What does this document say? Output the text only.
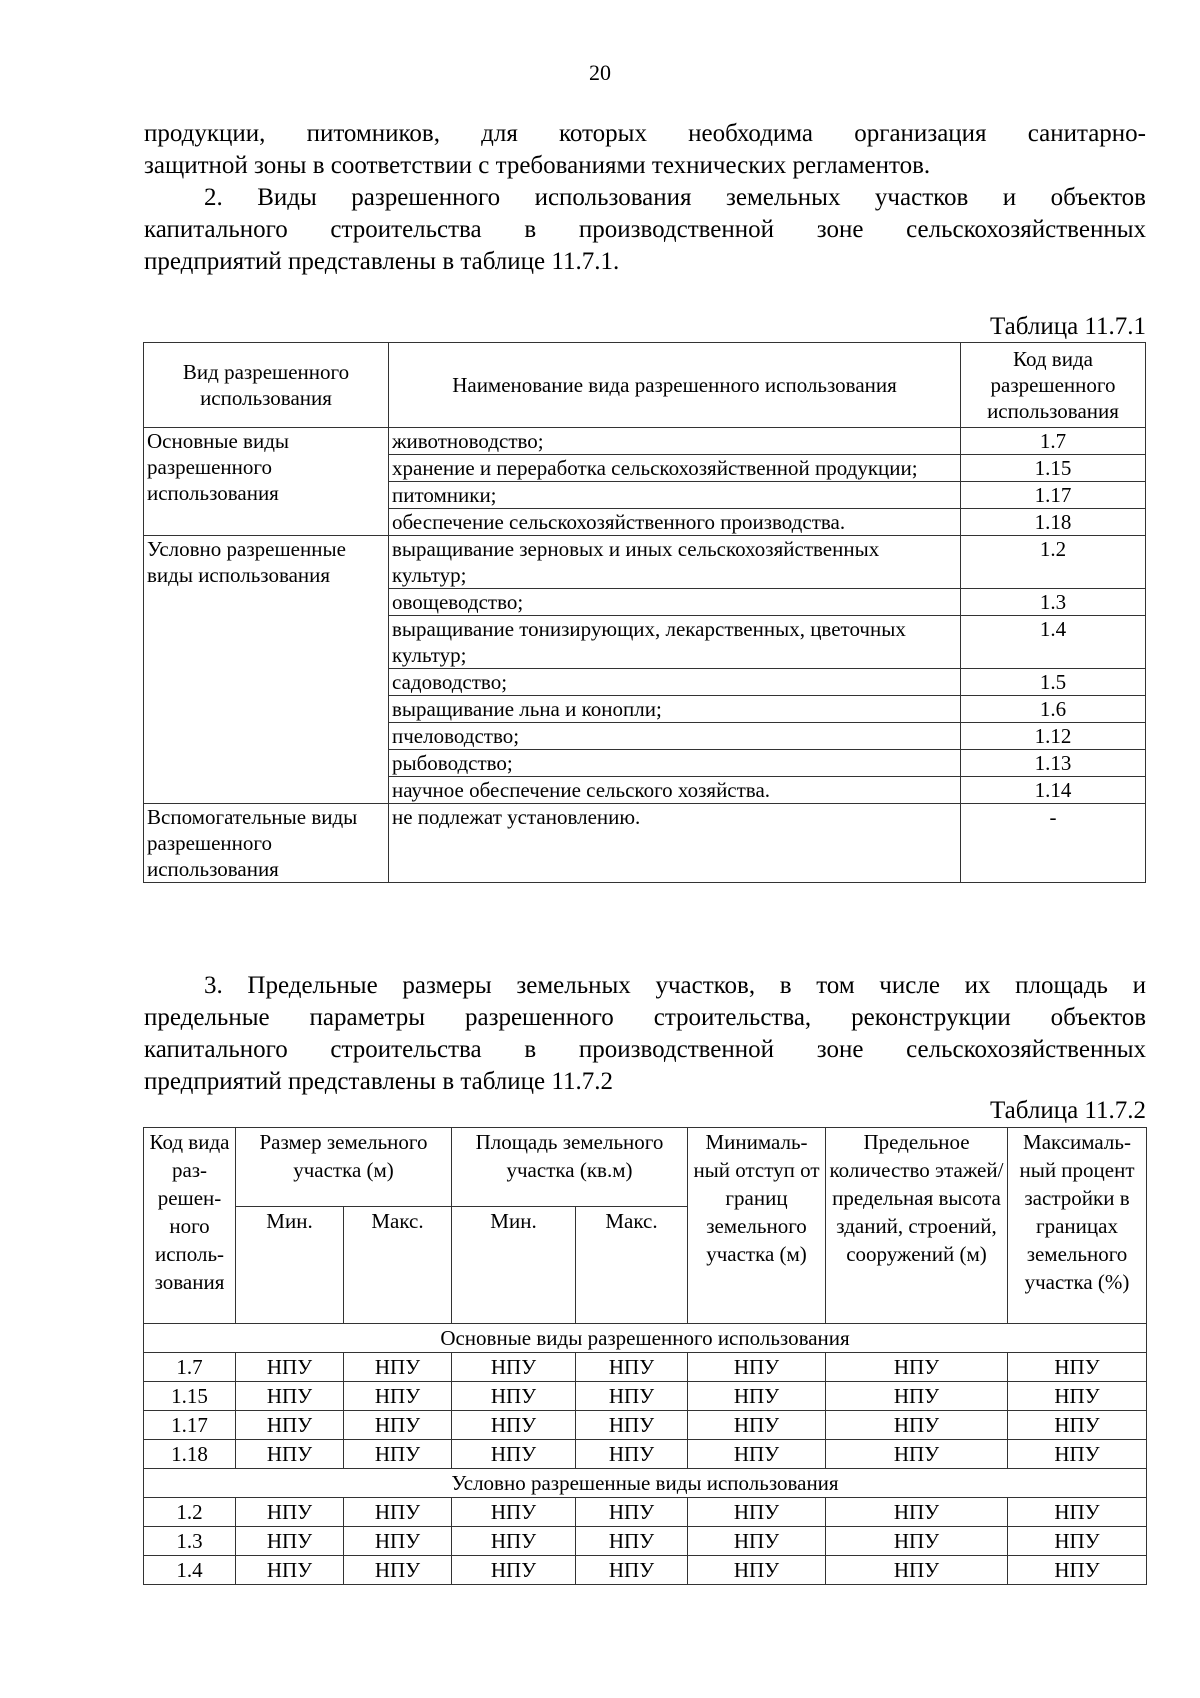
20
продукции, питомников, для которых необходима организация санитарно-
защитной зоны в соответствии с требованиями технических регламентов.
2. Виды разрешенного использования земельных участков и объектов
капитального строительства в производственной зоне сельскохозяйственных
предприятий представлены в таблице 11.7.1.
Таблица 11.7.1
Вид разрешенного использования	Наименование вида разрешенного использования	Код вида разрешенного использования
Основные виды разрешенного использования	животноводство;	1.7
	хранение и переработка сельскохозяйственной продукции;	1.15
	питомники;	1.17
	обеспечение сельскохозяйственного производства.	1.18
Условно разрешенные виды использования	выращивание зерновых и иных сельскохозяйственных культур;	1.2
	овощеводство;	1.3
	выращивание тонизирующих, лекарственных, цветочных культур;	1.4
	садоводство;	1.5
	выращивание льна и конопли;	1.6
	пчеловодство;	1.12
	рыбоводство;	1.13
	научное обеспечение сельского хозяйства.	1.14
Вспомогательные виды разрешенного использования	не подлежат установлению.	-
3. Предельные размеры земельных участков, в том числе их площадь и
предельные параметры разрешенного строительства, реконструкции объектов
капитального строительства в производственной зоне сельскохозяйственных
предприятий представлены в таблице 11.7.2
Таблица 11.7.2
Код вида раз- решен- ного исполь- зования	Размер земельного участка (м)		Площадь земельного участка (кв.м)		Минималь- ный отступ от границ земельного участка (м)	Предельное количество этажей/ предельная высота зданий, строений, сооружений (м)	Максималь- ный процент застройки в границах земельного участка (%)
	Мин.	Макс.	Мин.	Макс.			
Основные виды разрешенного использования							
1.7	НПУ	НПУ	НПУ	НПУ	НПУ	НПУ	НПУ
1.15	НПУ	НПУ	НПУ	НПУ	НПУ	НПУ	НПУ
1.17	НПУ	НПУ	НПУ	НПУ	НПУ	НПУ	НПУ
1.18	НПУ	НПУ	НПУ	НПУ	НПУ	НПУ	НПУ
Условно разрешенные виды использования							
1.2	НПУ	НПУ	НПУ	НПУ	НПУ	НПУ	НПУ
1.3	НПУ	НПУ	НПУ	НПУ	НПУ	НПУ	НПУ
1.4	НПУ	НПУ	НПУ	НПУ	НПУ	НПУ	НПУ
